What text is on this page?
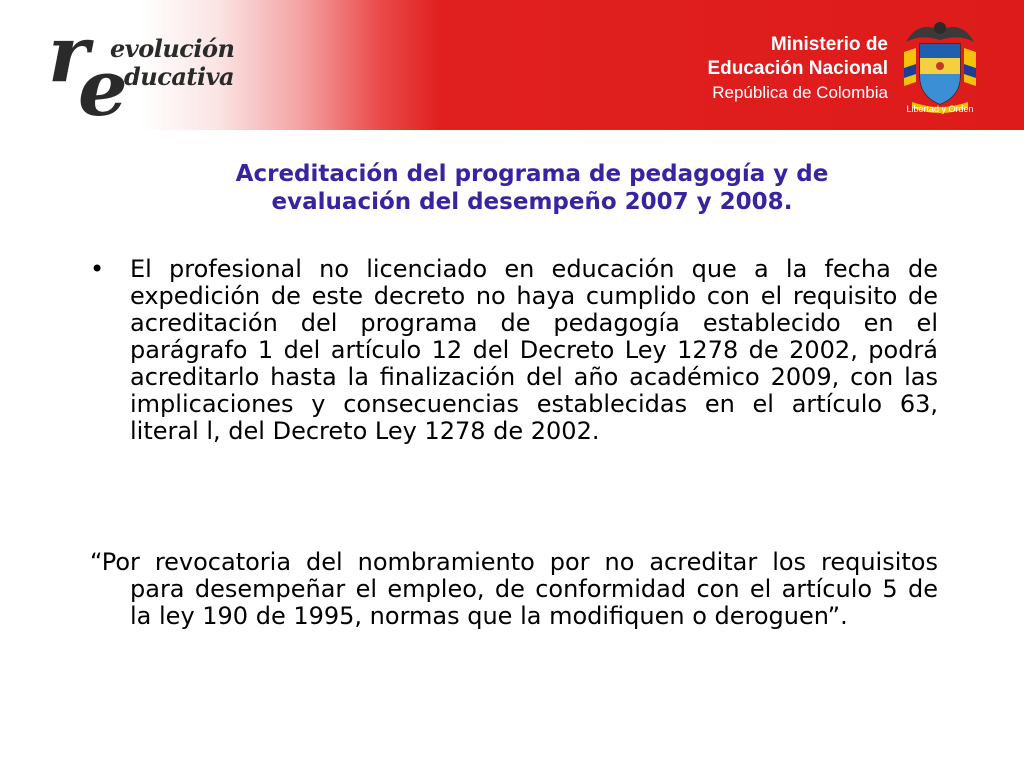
r
e
evolución
ducativa
Ministerio de
Educación Nacional
República de Colombia
Libertad y Orden
Acreditación del programa de pedagogía y de
evaluación del desempeño 2007 y 2008.
• El profesional no licenciado en educación que a la fecha de expedición de este decreto no haya cumplido con el requisito de acreditación del programa de pedagogía establecido en el parágrafo 1 del artículo 12 del Decreto Ley 1278 de 2002, podrá acreditarlo hasta la finalización del año académico 2009, con las implicaciones y consecuencias establecidas en el artículo 63, literal l, del Decreto Ley 1278 de 2002.
“Por revocatoria del nombramiento por no acreditar los requisitos para desempeñar el empleo, de conformidad con el artículo 5 de la ley 190 de 1995, normas que la modifiquen o deroguen”.
